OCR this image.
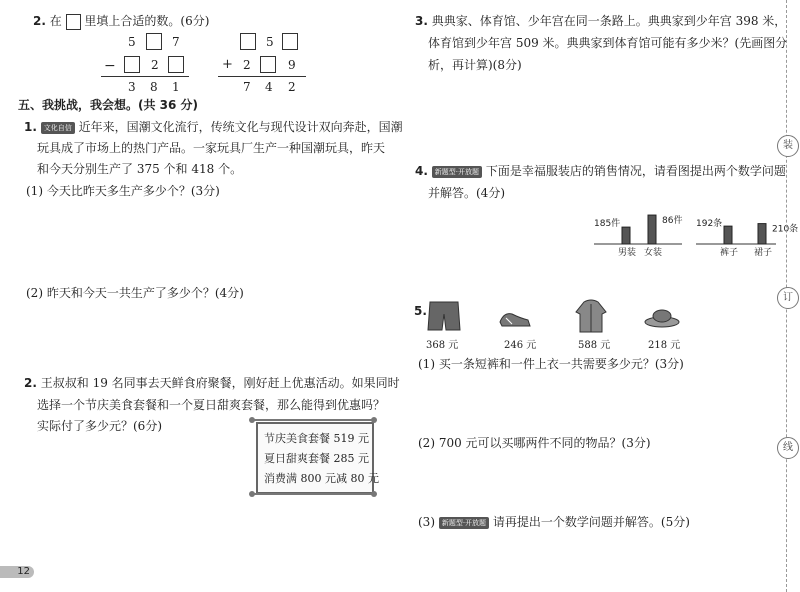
2. 在 里填上合适的数。(6分)
5	7
−	2
3 8 1
5
+ 2	9
7 4 2
五、我挑战，我会想。(共 36 分)
1. 文化自信 近年来，国潮文化流行，传统文化与现代设计双向奔赴，国潮
玩具成了市场上的热门产品。一家玩具厂生产一种国潮玩具，昨天
和今天分别生产了 375 个和 418 个。
(1) 今天比昨天多生产多少个？(3分)
(2) 昨天和今天一共生产了多少个？(4分)
2. 王叔叔和 19 名同事去天鲜食府聚餐，刚好赶上优惠活动。如果同时
选择一个节庆美食套餐和一个夏日甜爽套餐，那么能得到优惠吗？
实际付了多少元？(6分)
节庆美食套餐 519 元
夏日甜爽套餐 285 元
消费满 800 元减 80 元
12
3. 典典家、体育馆、少年宫在同一条路上。典典家到少年宫 398 米，
体育馆到少年宫 509 米。典典家到体育馆可能有多少米？(先画图分
析，再计算)(8分)
4. 新题型·开放题 下面是幸福服装店的销售情况，请看图提出两个数学问题
并解答。(4分)
男装 女装
185件	86件
裤子 裙子
192条
210条
5.
368 元	246 元	588 元	218 元
(1) 买一条短裤和一件上衣一共需要多少元？(3分)
(2) 700 元可以买哪两件不同的物品？(3分)
(3) 新题型·开放题 请再提出一个数学问题并解答。(5分)
装
订
线
